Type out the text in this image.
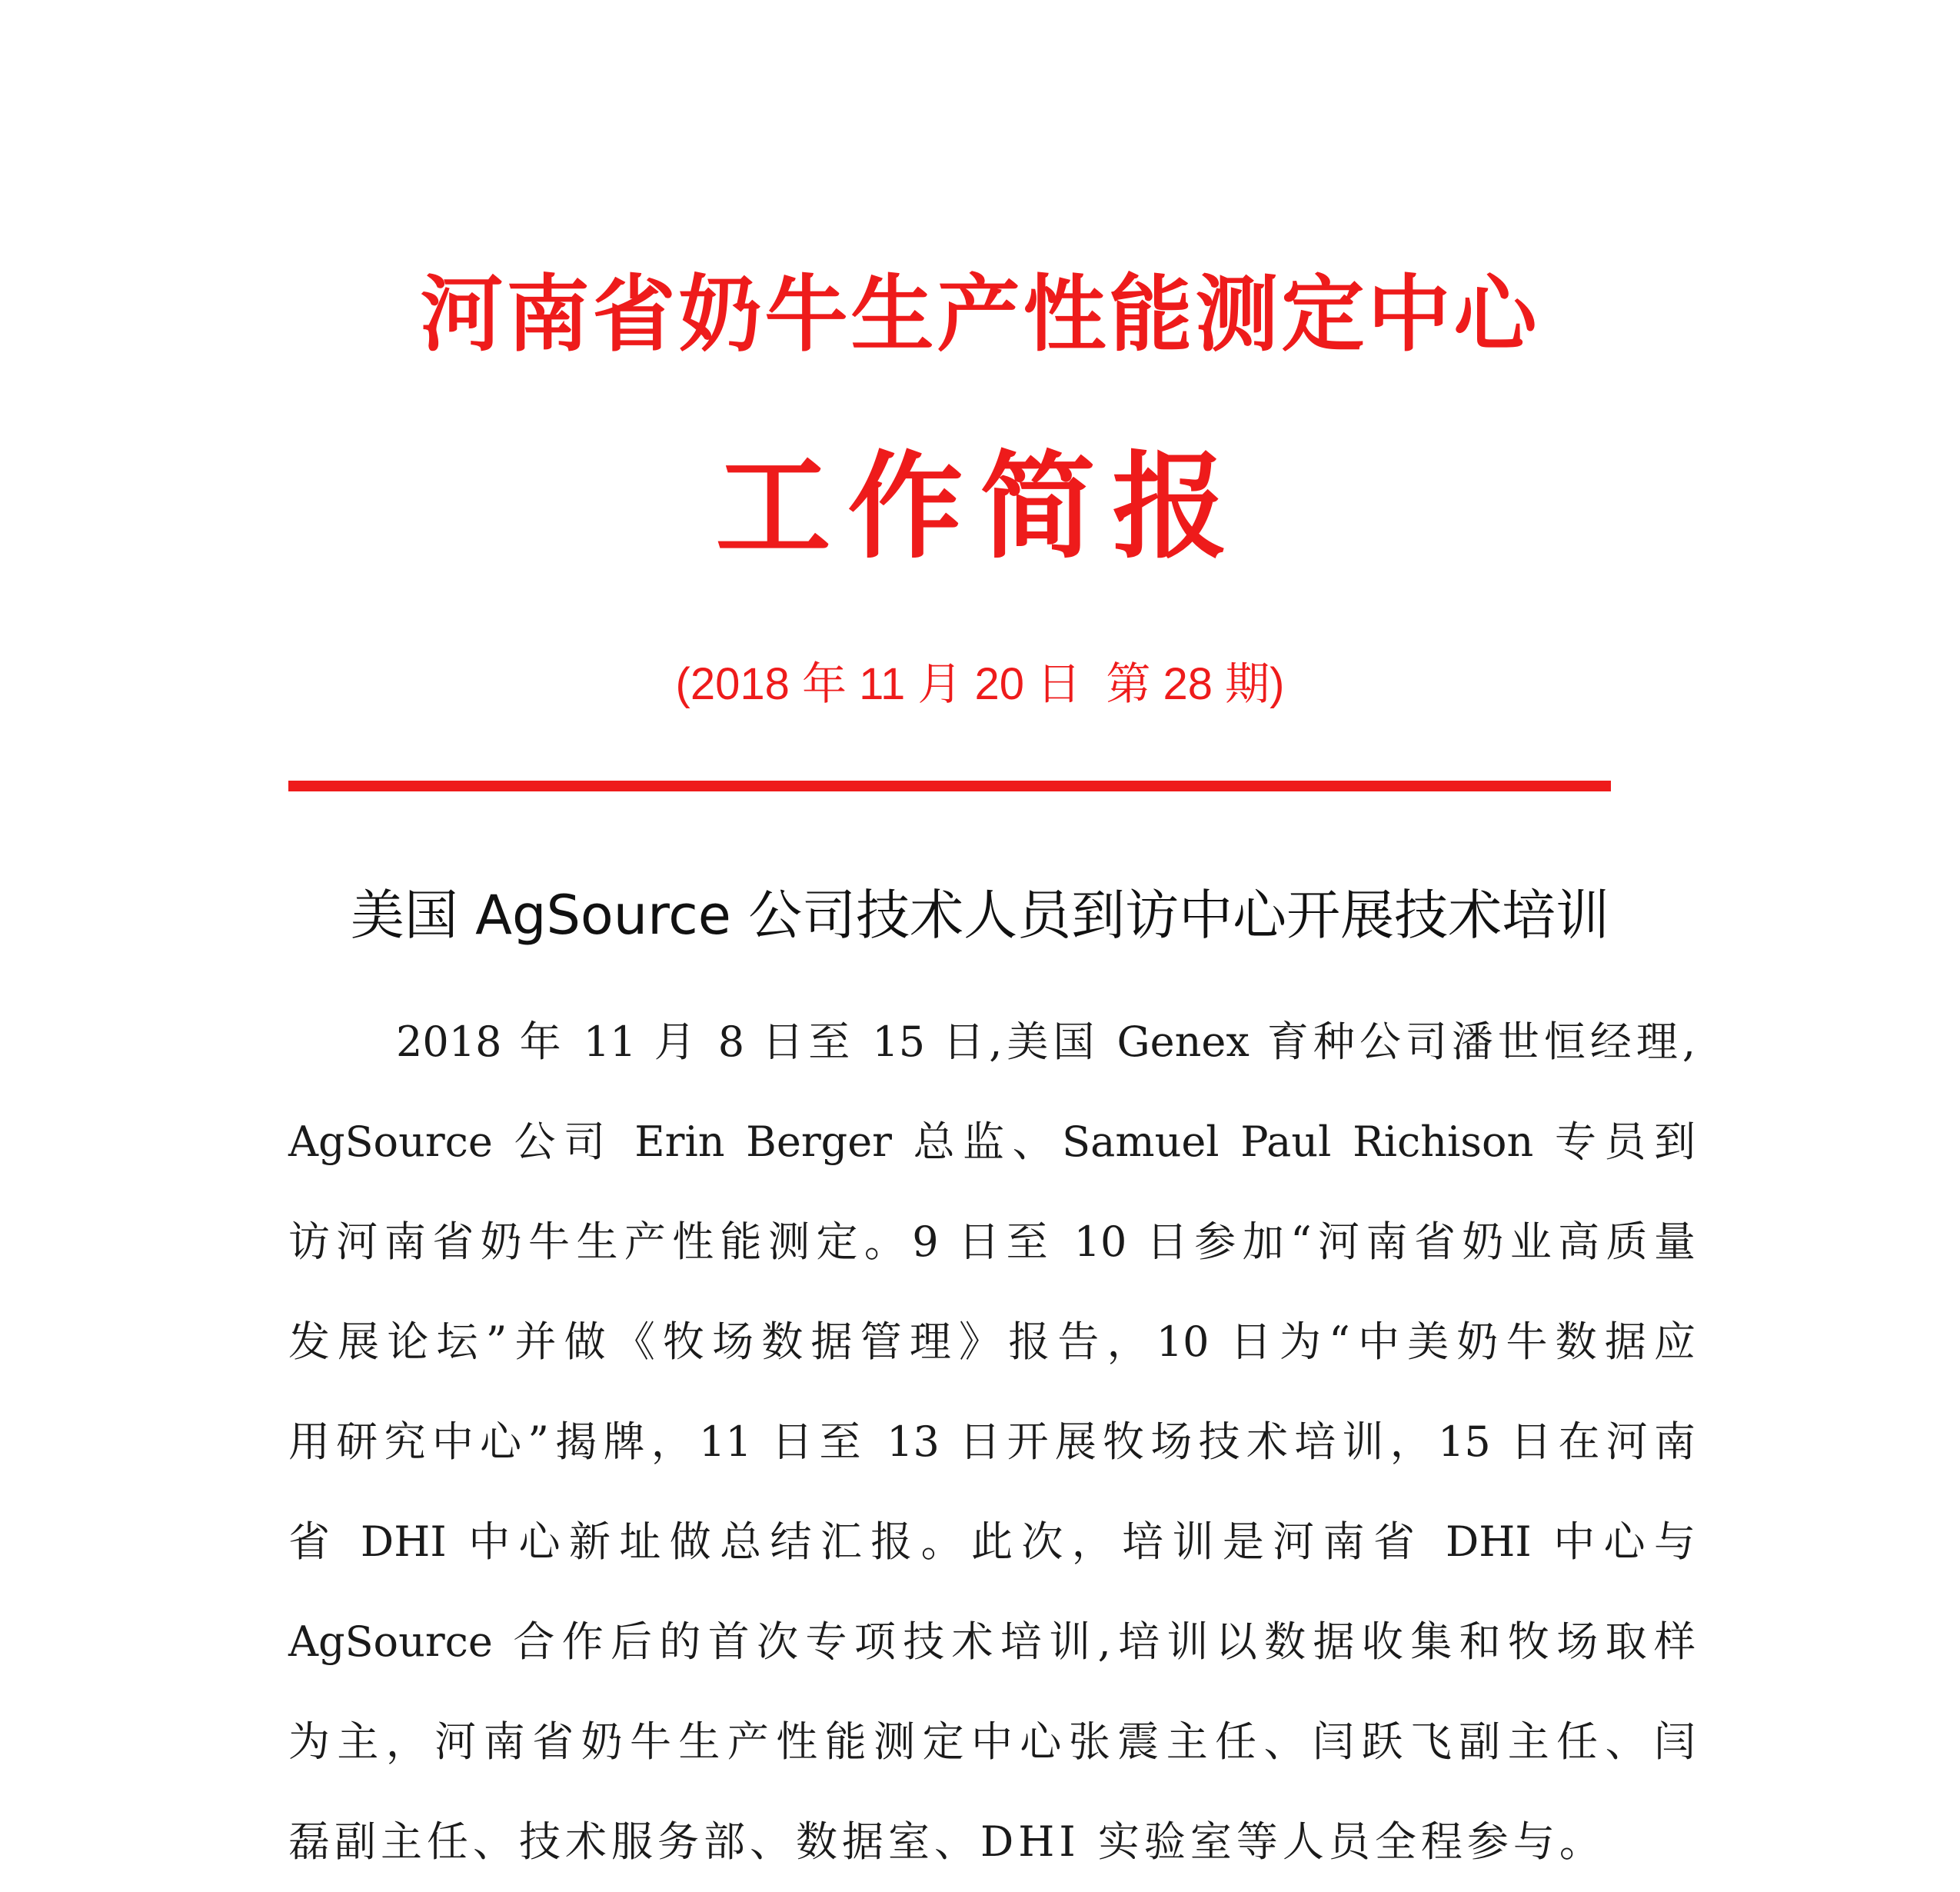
河南省奶牛生产性能测定中心
工作简报
(2018 年 11 月 20 日  第 28 期)
美国 AgSource 公司技术人员到访中心开展技术培训
2018 年 11 月 8 日至 15 日,美国 Genex 育种公司潘世恒经理,
AgSource 公司 Erin Berger 总监、Samuel Paul Richison 专员到
访河南省奶牛生产性能测定。9 日至 10 日参加“河南省奶业高质量
发展论坛”并做《牧场数据管理》报告，10 日为“中美奶牛数据应
用研究中心”揭牌，11 日至 13 日开展牧场技术培训，15 日在河南
省 DHI 中心新址做总结汇报。此次，培训是河南省 DHI 中心与
AgSource 合作后的首次专项技术培训,培训以数据收集和牧场取样
为主，河南省奶牛生产性能测定中心张震主任、闫跃飞副主任、闫
磊副主任、技术服务部、数据室、DHI 实验室等人员全程参与。
